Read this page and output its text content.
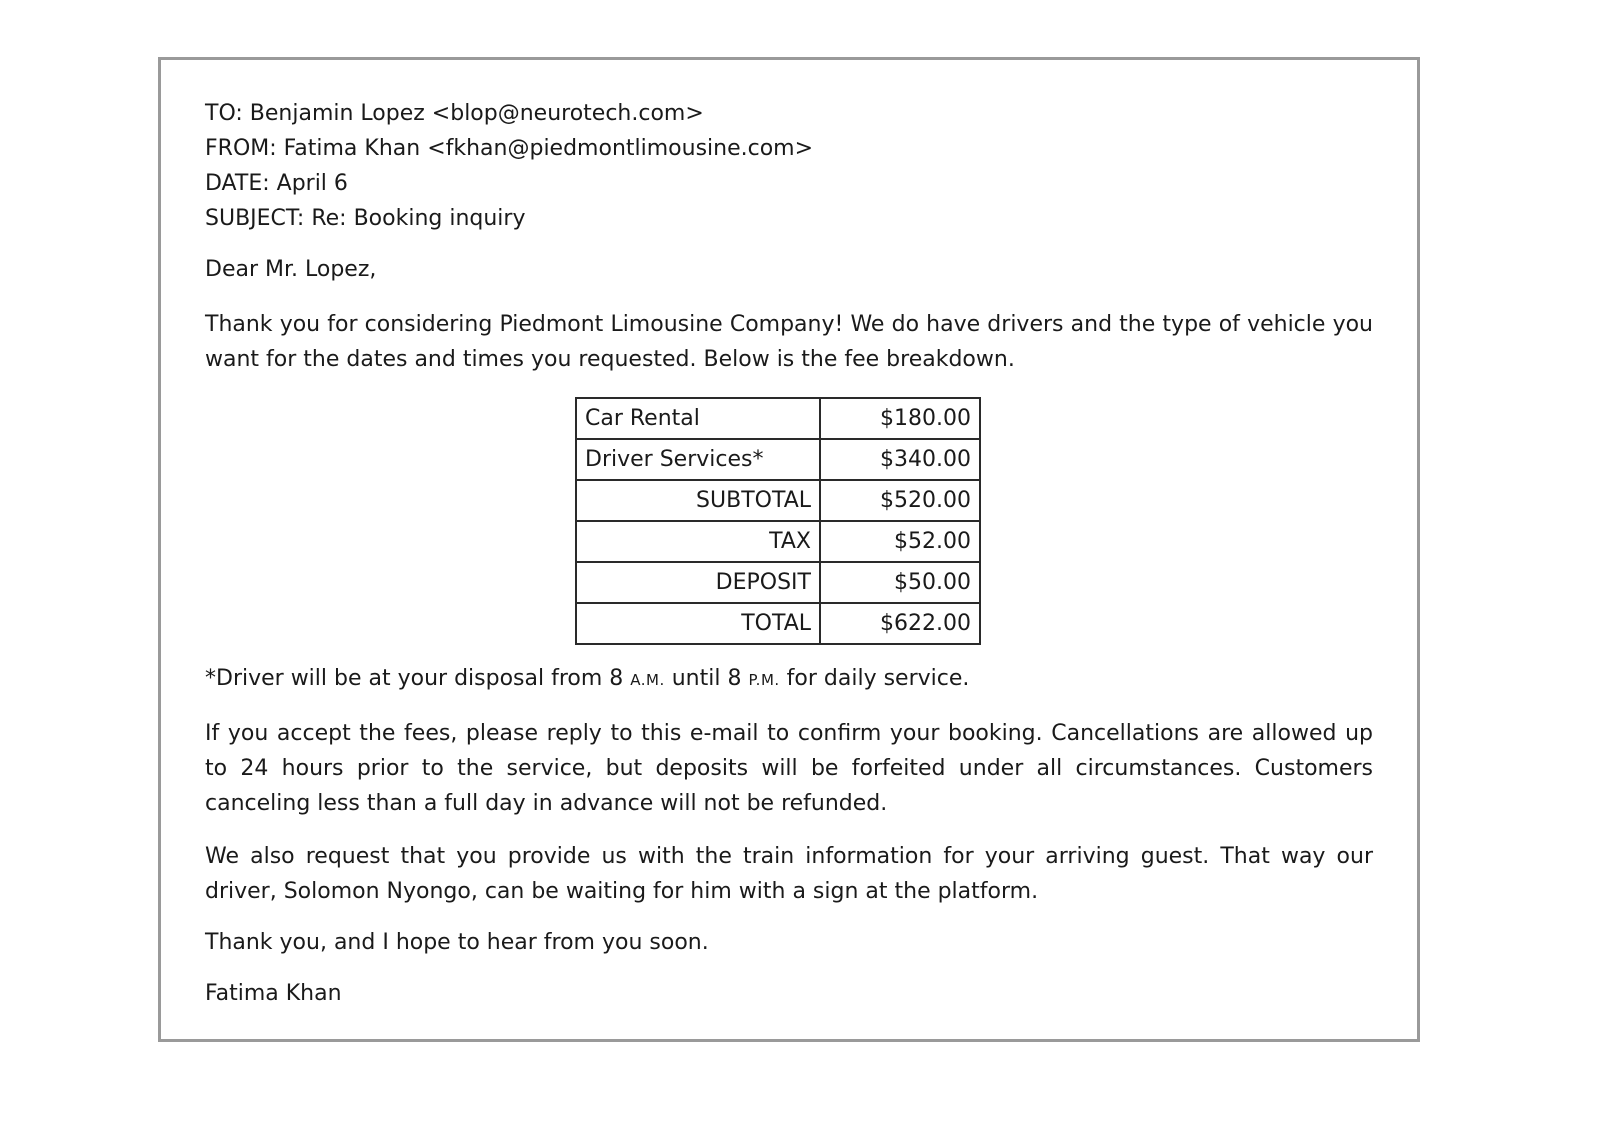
TO: Benjamin Lopez <blop@neurotech.com>

FROM: Fatima Khan <fkhan@piedmontlimousine.com>

DATE: April 6

SUBJECT: Re: Booking inquiry

Dear Mr. Lopez,

Thank you for considering Piedmont Limousine Company! We do have drivers and the type of vehicle you want for the dates and times you requested. Below is the fee breakdown.

Car Rental	$180.00
Driver Services*	$340.00
SUBTOTAL	$520.00
TAX	$52.00
DEPOSIT	$50.00
TOTAL	$622.00

*Driver will be at your disposal from 8 A.M. until 8 P.M. for daily service.

If you accept the fees, please reply to this e-mail to confirm your booking. Cancellations are allowed up to 24 hours prior to the service, but deposits will be forfeited under all circumstances. Customers canceling less than a full day in advance will not be refunded.

We also request that you provide us with the train information for your arriving guest. That way our driver, Solomon Nyongo, can be waiting for him with a sign at the platform.

Thank you, and I hope to hear from you soon.

Fatima Khan
